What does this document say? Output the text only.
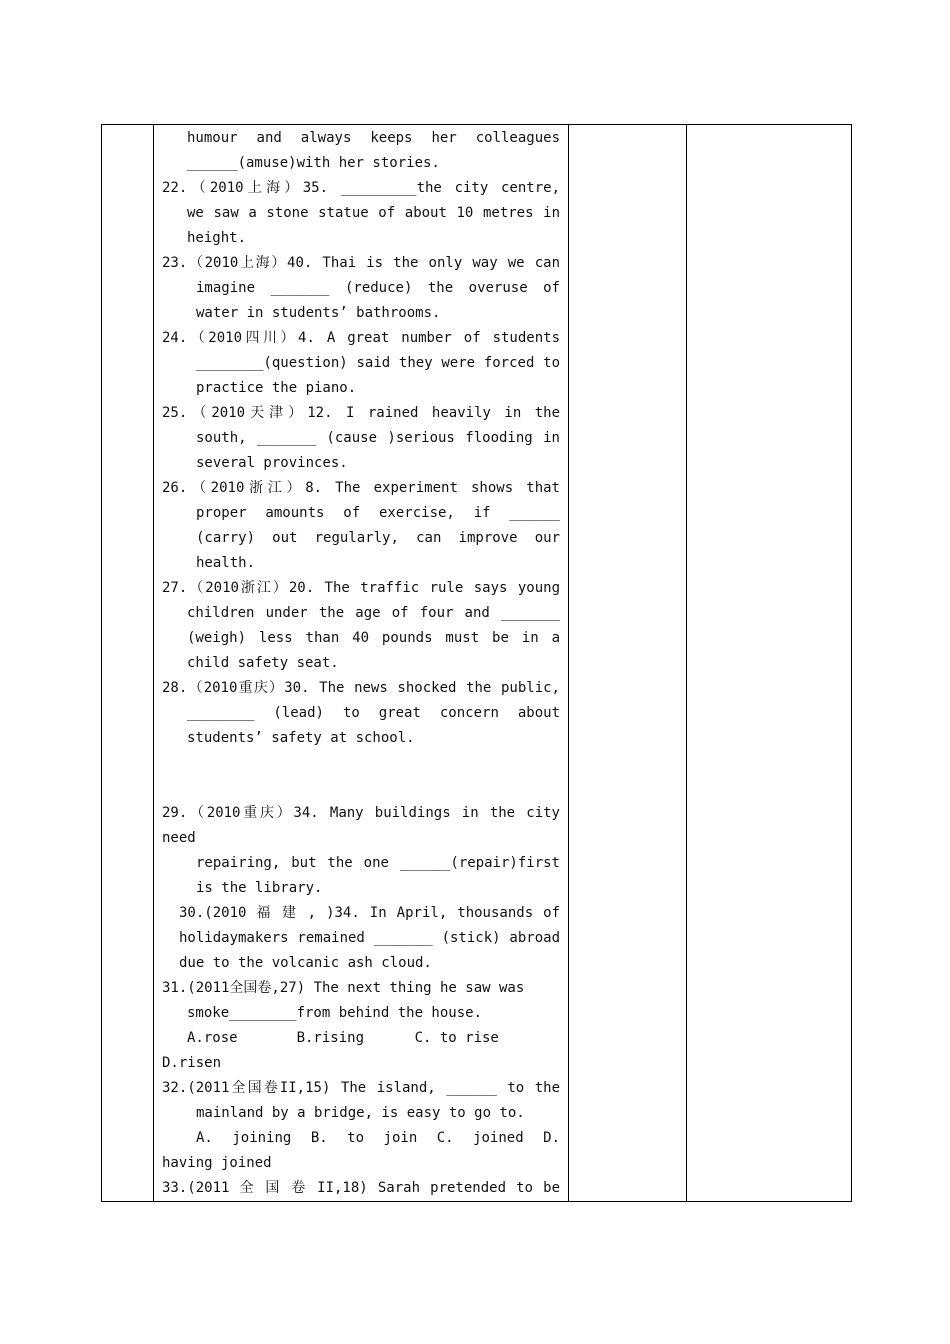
humour and always keeps her colleagues
______(amuse)with her stories.
22.（2010上海）35. _________the city centre,
we saw a stone statue of about 10 metres in
height.
23.（2010上海）40. Thai is the only way we can
imagine _______ (reduce) the overuse of
water in students’ bathrooms.
24.（2010四川）4. A great number of students
________(question) said they were forced to
practice the piano.
25.（2010天津）12. I rained heavily in the
south, _______ (cause )serious flooding in
several provinces.
26.（2010浙江）8. The experiment shows that
proper amounts of exercise, if ______
(carry) out regularly, can improve our
health.
27.（2010浙江）20. The traffic rule says young
children under the age of four and _______
(weigh) less than 40 pounds must be in a
child safety seat.
28.（2010重庆）30. The news shocked the public,
________ (lead) to great concern about
students’ safety at school.
29.（2010重庆）34. Many buildings in the city
need
repairing, but the one ______(repair)first
is the library.
30.(2010 福 建 , )34. In April, thousands of
holidaymakers remained _______ (stick) abroad
due to the volcanic ash cloud.
31.(2011全国卷,27) The next thing he saw was
smoke________from behind the house.
A.rose       B.rising      C. to rise
D.risen
32.(2011全国卷II,15) The island, ______ to the
mainland by a bridge, is easy to go to.
A. joining B. to join C. joined D.
having joined
33.(2011 全 国 卷 II,18) Sarah pretended to be
